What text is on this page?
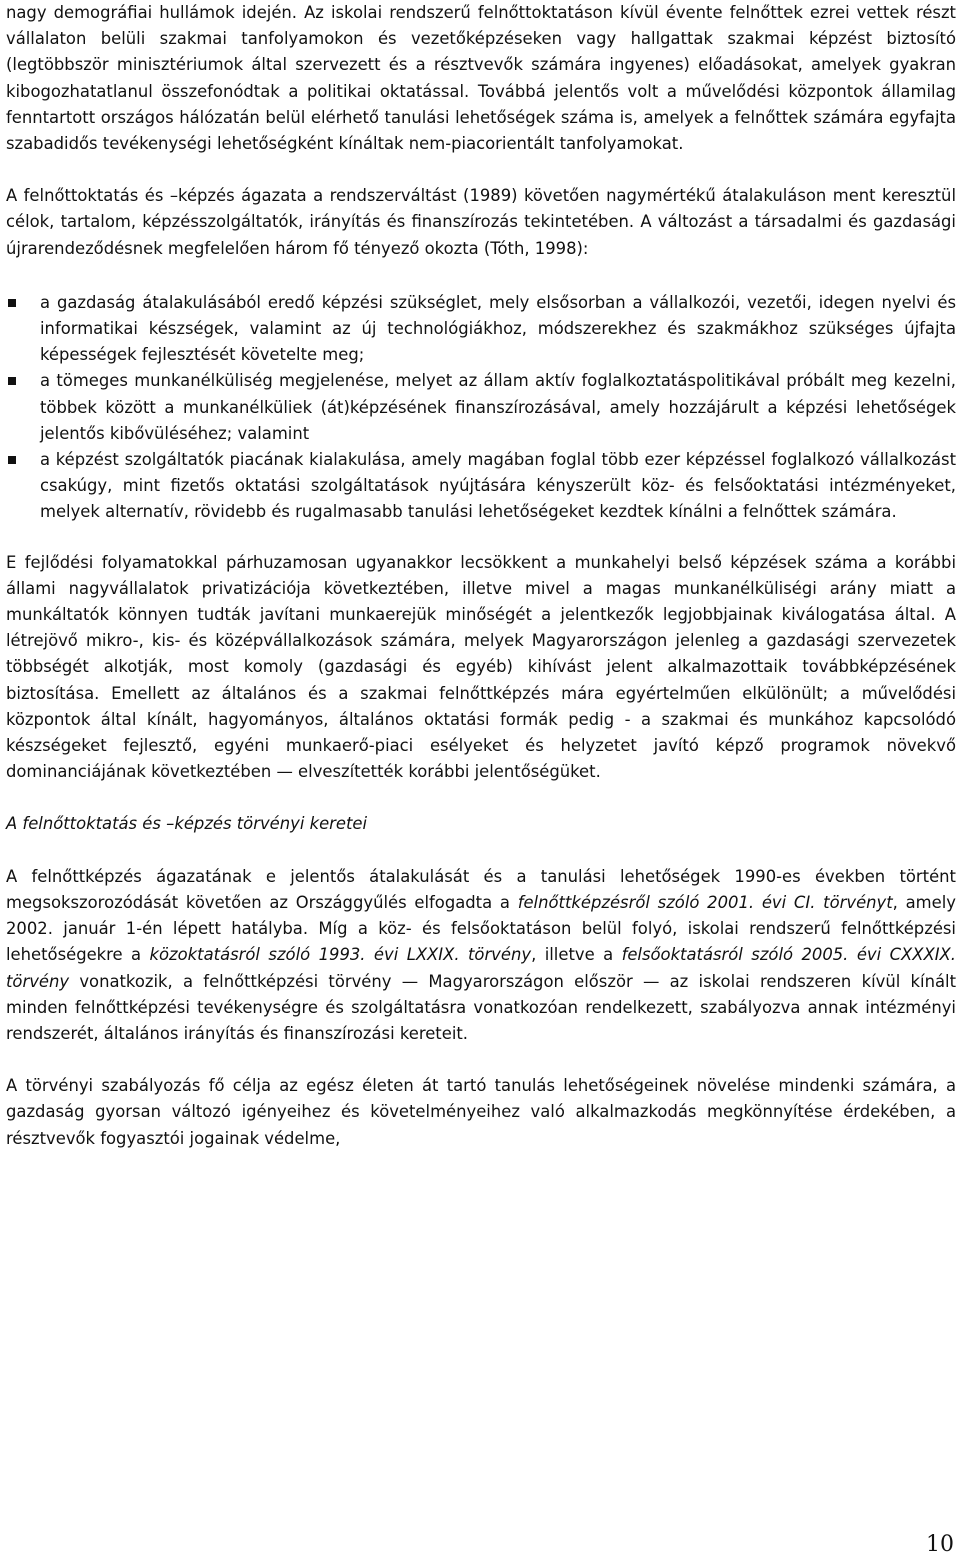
nagy demográfiai hullámok idején. Az iskolai rendszerű felnőttoktatáson kívül évente felnőttek ezrei vettek részt vállalaton belüli szakmai tanfolyamokon és vezetőképzéseken vagy hallgattak szakmai képzést biztosító (legtöbbször minisztériumok által szervezett és a résztvevők számára ingyenes) előadásokat, amelyek gyakran kibogozhatatlanul összefonódtak a politikai oktatással. Továbbá jelentős volt a művelődési központok államilag fenntartott országos hálózatán belül elérhető tanulási lehetőségek száma is, amelyek a felnőttek számára egyfajta szabadidős tevékenységi lehetőségként kínáltak nem-piacorientált tanfolyamokat.

A felnőttoktatás és –képzés ágazata a rendszerváltást (1989) követően nagymértékű átalakuláson ment keresztül célok, tartalom, képzésszolgáltatók, irányítás és finanszírozás tekintetében. A változást a társadalmi és gazdasági újrarendeződésnek megfelelően három fő tényező okozta (Tóth, 1998):

a gazdaság átalakulásából eredő képzési szükséglet, mely elsősorban a vállalkozói, vezetői, idegen nyelvi és informatikai készségek, valamint az új technológiákhoz, módszerekhez és szakmákhoz szükséges újfajta képességek fejlesztését követelte meg;
a tömeges munkanélküliség megjelenése, melyet az állam aktív foglalkoztatáspolitikával próbált meg kezelni, többek között a munkanélküliek (át)képzésének finanszírozásával, amely hozzájárult a képzési lehetőségek jelentős kibővüléséhez; valamint
a képzést szolgáltatók piacának kialakulása, amely magában foglal több ezer képzéssel foglalkozó vállalkozást csakúgy, mint fizetős oktatási szolgáltatások nyújtására kényszerült köz- és felsőoktatási intézményeket, melyek alternatív, rövidebb és rugalmasabb tanulási lehetőségeket kezdtek kínálni a felnőttek számára.

E fejlődési folyamatokkal párhuzamosan ugyanakkor lecsökkent a munkahelyi belső képzések száma a korábbi állami nagyvállalatok privatizációja következtében, illetve mivel a magas munkanélküliségi arány miatt a munkáltatók könnyen tudták javítani munkaerejük minőségét a jelentkezők legjobbjainak kiválogatása által. A létrejövő mikro-, kis- és középvállalkozások számára, melyek Magyarországon jelenleg a gazdasági szervezetek többségét alkotják, most komoly (gazdasági és egyéb) kihívást jelent alkalmazottaik továbbképzésének biztosítása. Emellett az általános és a szakmai felnőttképzés mára egyértelműen elkülönült; a művelődési központok által kínált, hagyományos, általános oktatási formák pedig - a szakmai és munkához kapcsolódó készségeket fejlesztő, egyéni munkaerő-piaci esélyeket és helyzetet javító képző programok növekvő dominanciájának következtében — elveszítették korábbi jelentőségüket.

A felnőttoktatás és –képzés törvényi keretei

A felnőttképzés ágazatának e jelentős átalakulását és a tanulási lehetőségek 1990-es években történt megsokszorozódását követően az Országgyűlés elfogadta a felnőttképzésről szóló 2001. évi CI. törvényt, amely 2002. január 1-én lépett hatályba. Míg a köz- és felsőoktatáson belül folyó, iskolai rendszerű felnőttképzési lehetőségekre a közoktatásról szóló 1993. évi LXXIX. törvény, illetve a felsőoktatásról szóló 2005. évi CXXXIX. törvény vonatkozik, a felnőttképzési törvény — Magyarországon először — az iskolai rendszeren kívül kínált minden felnőttképzési tevékenységre és szolgáltatásra vonatkozóan rendelkezett, szabályozva annak intézményi rendszerét, általános irányítás és finanszírozási kereteit.

A törvényi szabályozás fő célja az egész életen át tartó tanulás lehetőségeinek növelése mindenki számára, a gazdaság gyorsan változó igényeihez és követelményeihez való alkalmazkodás megkönnyítése érdekében, a résztvevők fogyasztói jogainak védelme,

10
